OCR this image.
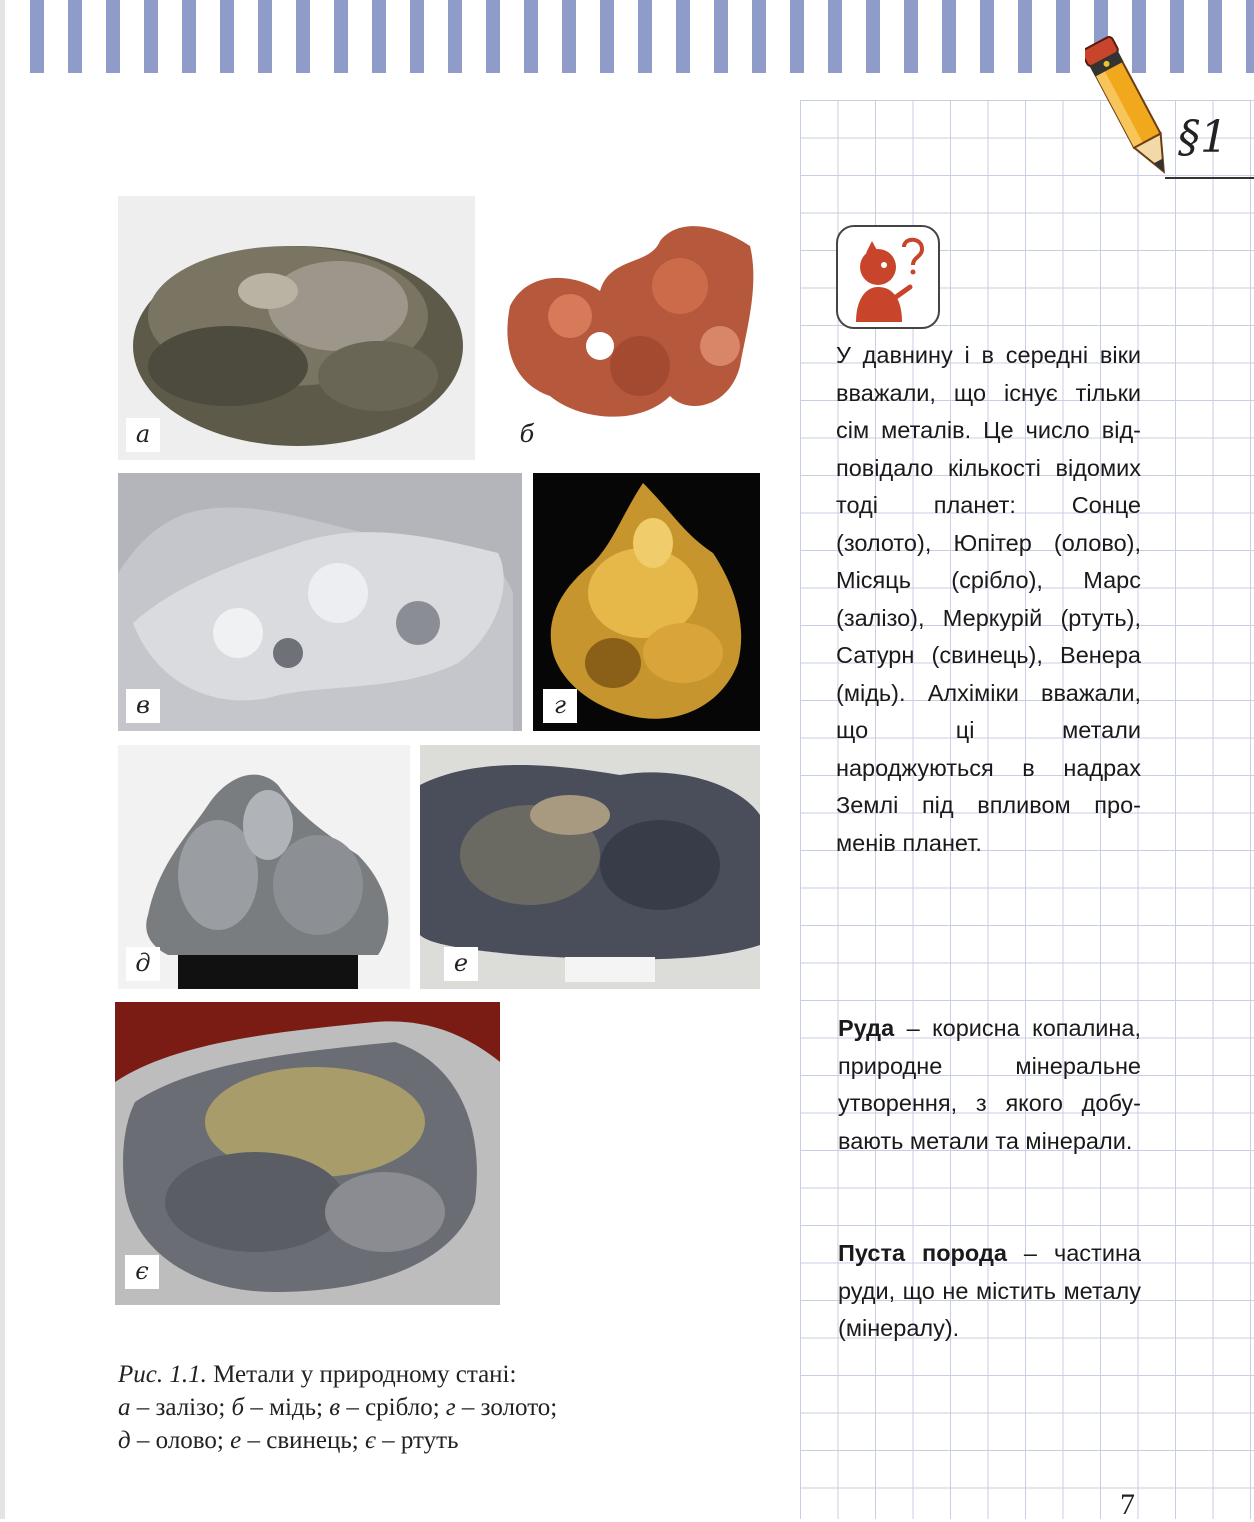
§1
а	б
в	г
д	е
є
Рис. 1.1. Метали у природному стані:
а – залізо; б – мідь; в – срібло; г – золото;
д – олово; е – свинець; є – ртуть
У давнину і в середні віки вважали, що існує тільки сім металів. Це число відповідало кількості відомих тоді планет: Сонце (золото), Юпітер (олово), Місяць (срібло), Марс (залізо), Меркурій (ртуть), Сатурн (свинець), Венера (мідь). Алхіміки вважали, що ці метали народжуються в надрах Землі під впливом променів планет.
Руда – корисна копалина, природне мінеральне утворення, з якого добувають метали та мінерали.
Пуста порода – частина руди, що не містить металу (мінералу).
7
